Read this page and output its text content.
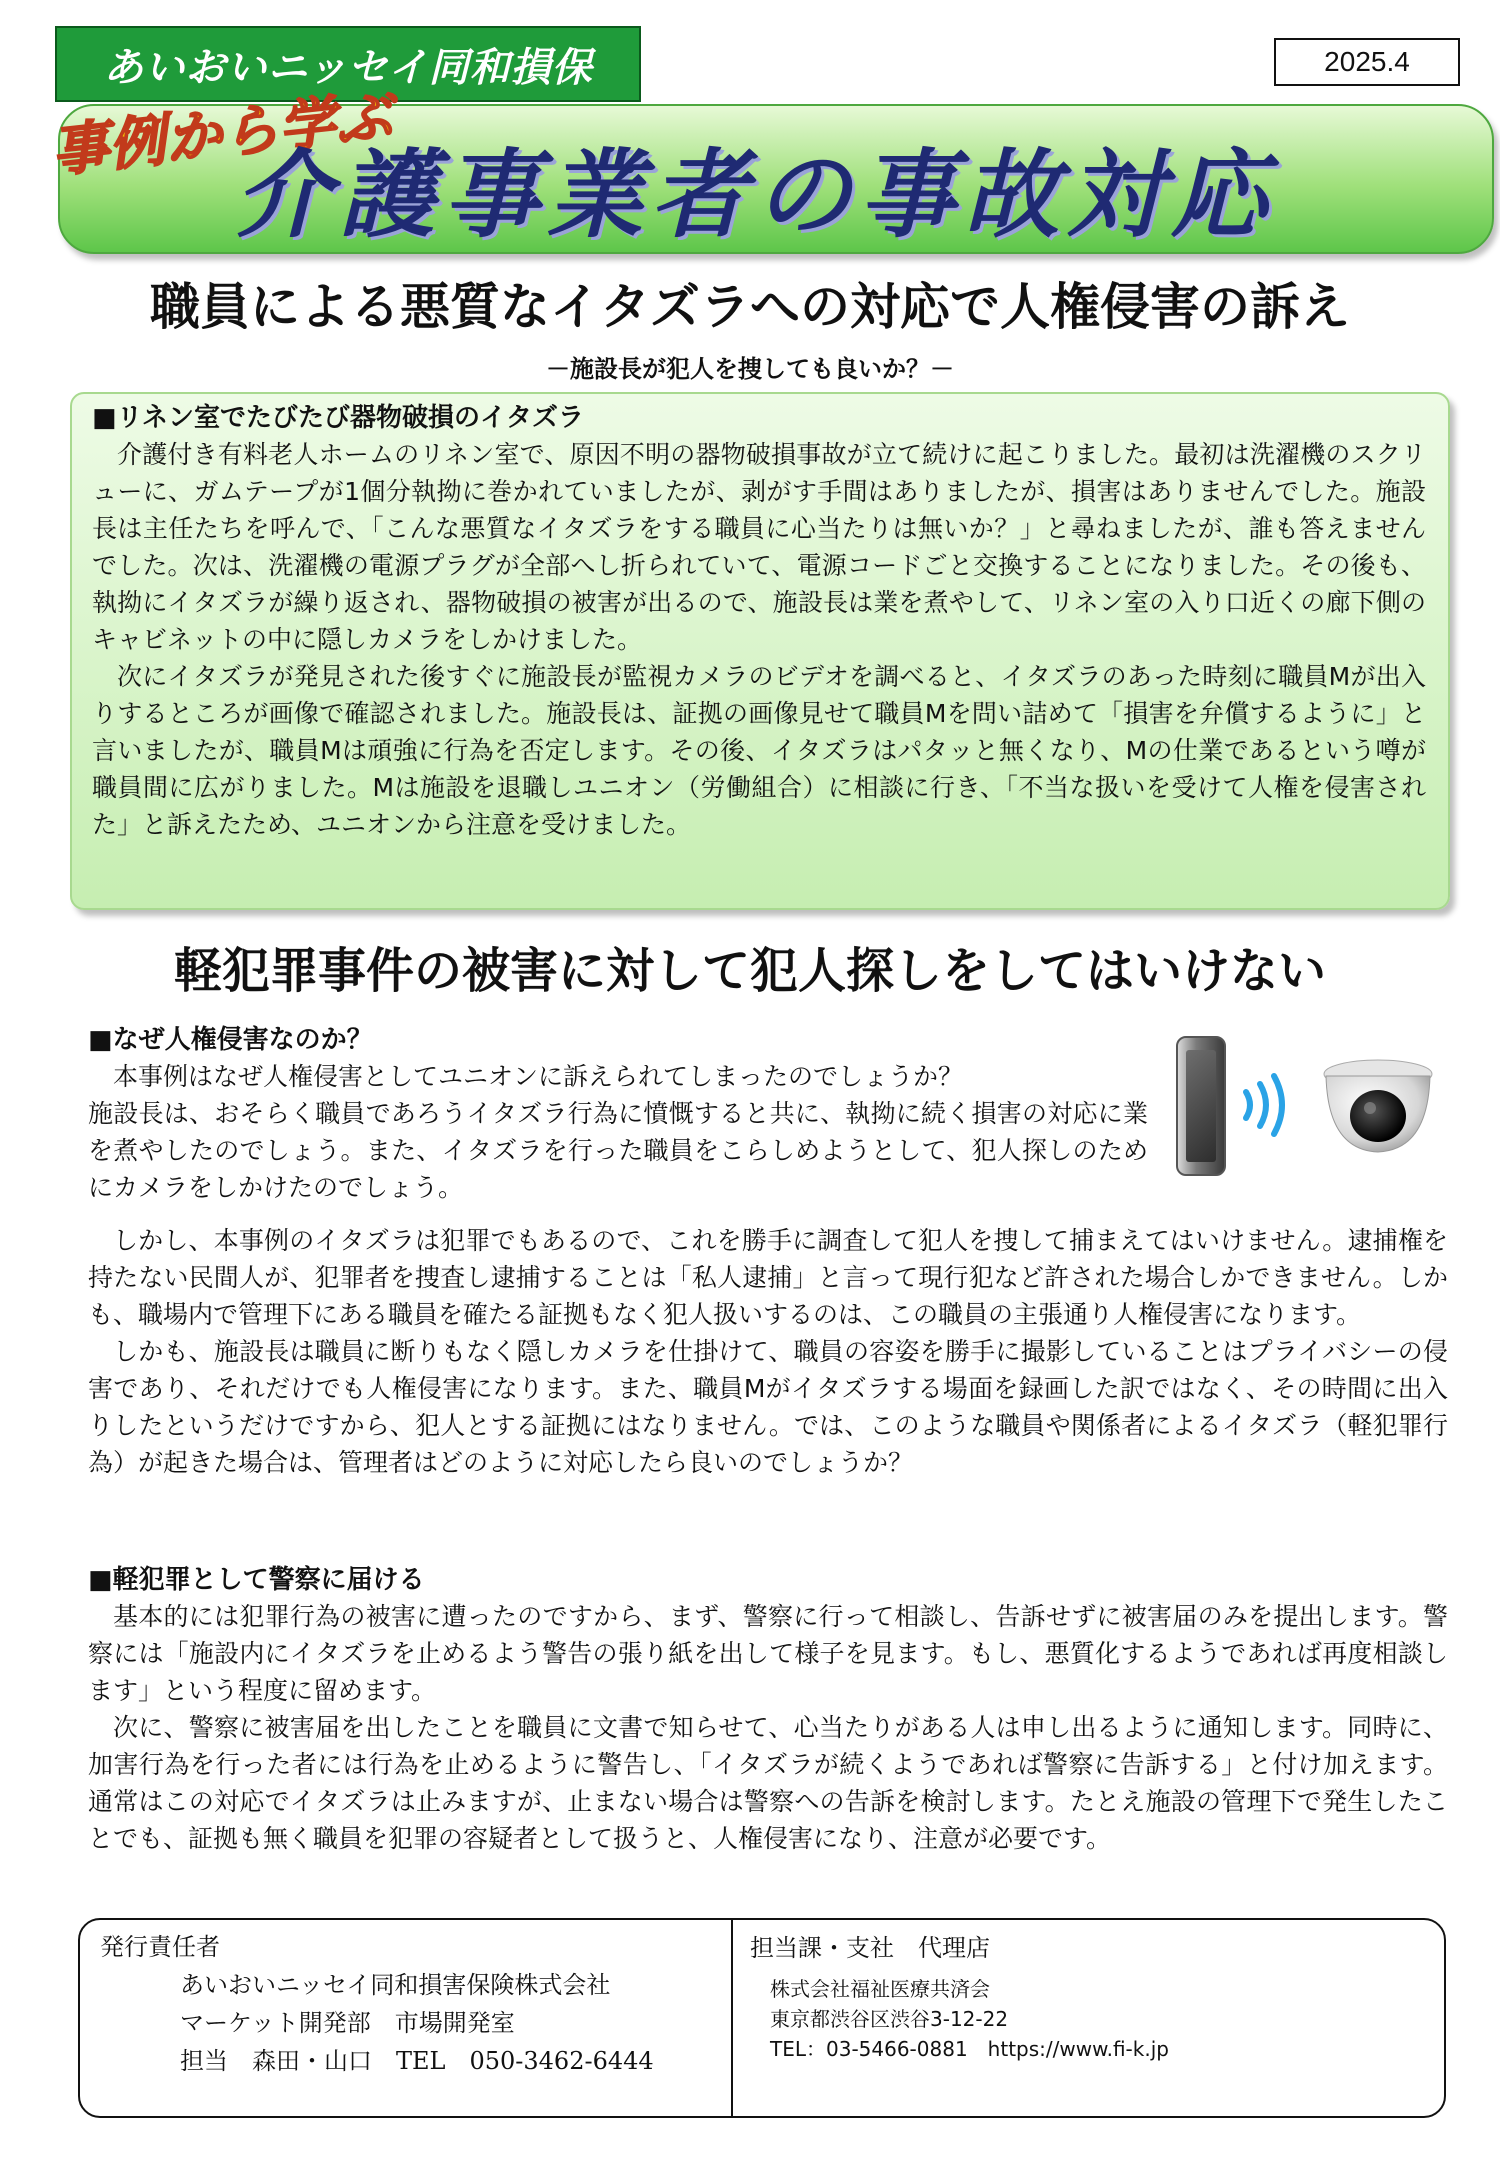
あいおいニッセイ同和損保	2025.4
事例から学ぶ
介護事業者の事故対応
職員による悪質なイタズラへの対応で人権侵害の訴え
－施設長が犯人を捜しても良いか？－
■リネン室でたびたび器物破損のイタズラ

介護付き有料老人ホームのリネン室で、原因不明の器物破損事故が立て続けに起こりました。最初は洗濯機のスクリューに、ガムテープが1個分執拗に巻かれていましたが、剥がす手間はありましたが、損害はありませんでした。施設長は主任たちを呼んで、「こんな悪質なイタズラをする職員に心当たりは無いか？」と尋ねましたが、誰も答えませんでした。次は、洗濯機の電源プラグが全部へし折られていて、電源コードごと交換することになりました。その後も、執拗にイタズラが繰り返され、器物破損の被害が出るので、施設長は業を煮やして、リネン室の入り口近くの廊下側のキャビネットの中に隠しカメラをしかけました。

次にイタズラが発見された後すぐに施設長が監視カメラのビデオを調べると、イタズラのあった時刻に職員Mが出入りするところが画像で確認されました。施設長は、証拠の画像見せて職員Mを問い詰めて「損害を弁償するように」と言いましたが、職員Mは頑強に行為を否定します。その後、イタズラはパタッと無くなり、Mの仕業であるという噂が職員間に広がりました。Mは施設を退職しユニオン（労働組合）に相談に行き、「不当な扱いを受けて人権を侵害された」と訴えたため、ユニオンから注意を受けました。

軽犯罪事件の被害に対して犯人探しをしてはいけない
■なぜ人権侵害なのか？

本事例はなぜ人権侵害としてユニオンに訴えられてしまったのでしょうか？

施設長は、おそらく職員であろうイタズラ行為に憤慨すると共に、執拗に続く損害の対応に業を煮やしたのでしょう。また、イタズラを行った職員をこらしめようとして、犯人探しのためにカメラをしかけたのでしょう。

しかし、本事例のイタズラは犯罪でもあるので、これを勝手に調査して犯人を捜して捕まえてはいけません。逮捕権を持たない民間人が、犯罪者を捜査し逮捕することは「私人逮捕」と言って現行犯など許された場合しかできません。しかも、職場内で管理下にある職員を確たる証拠もなく犯人扱いするのは、この職員の主張通り人権侵害になります。

しかも、施設長は職員に断りもなく隠しカメラを仕掛けて、職員の容姿を勝手に撮影していることはプライバシーの侵害であり、それだけでも人権侵害になります。また、職員Mがイタズラする場面を録画した訳ではなく、その時間に出入りしたというだけですから、犯人とする証拠にはなりません。では、このような職員や関係者によるイタズラ（軽犯罪行為）が起きた場合は、管理者はどのように対応したら良いのでしょうか？

■軽犯罪として警察に届ける

基本的には犯罪行為の被害に遭ったのですから、まず、警察に行って相談し、告訴せずに被害届のみを提出します。警察には「施設内にイタズラを止めるよう警告の張り紙を出して様子を見ます。もし、悪質化するようであれば再度相談します」という程度に留めます。

次に、警察に被害届を出したことを職員に文書で知らせて、心当たりがある人は申し出るように通知します。同時に、加害行為を行った者には行為を止めるように警告し、「イタズラが続くようであれば警察に告訴する」と付け加えます。通常はこの対応でイタズラは止みますが、止まない場合は警察への告訴を検討します。たとえ施設の管理下で発生したことでも、証拠も無く職員を犯罪の容疑者として扱うと、人権侵害になり、注意が必要です。

発行責任者
あいおいニッセイ同和損害保険株式会社
マーケット開発部　市場開発室
担当　森田・山口　TEL　050-3462-6444
担当課・支社　代理店
株式会社福祉医療共済会
東京都渋谷区渋谷3-12-22
TEL：03-5466-0881　https://www.fi-k.jp
